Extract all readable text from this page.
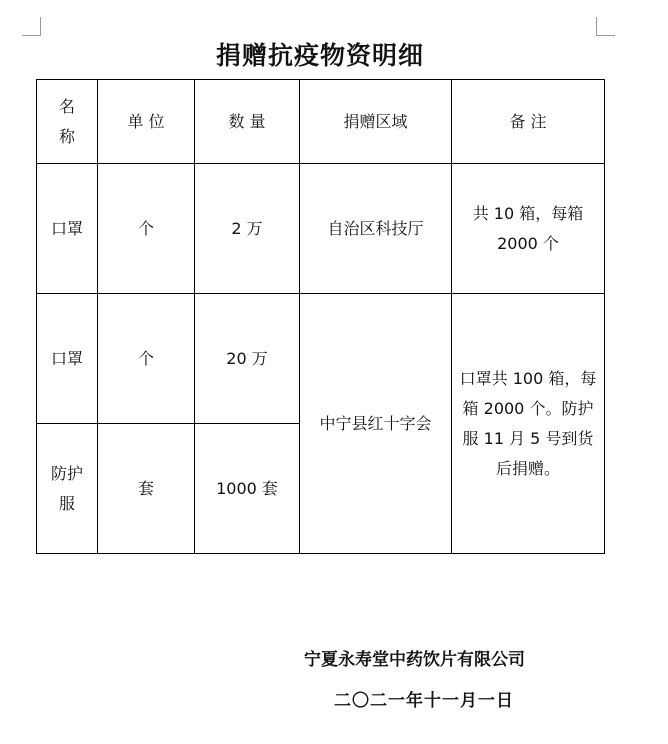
捐赠抗疫物资明细
名
称	单 位	数 量	捐赠区域	备 注
口罩	个	2 万	自治区科技厅	共 10 箱，每箱
2000 个

口罩	个	20 万	中宁县红十字会	口罩共 100 箱，每箱 2000 个。防护服 11 月 5 号到货后捐赠。

防护
服	套	1000 套		
宁夏永寿堂中药饮片有限公司
二〇二一年十一月一日
